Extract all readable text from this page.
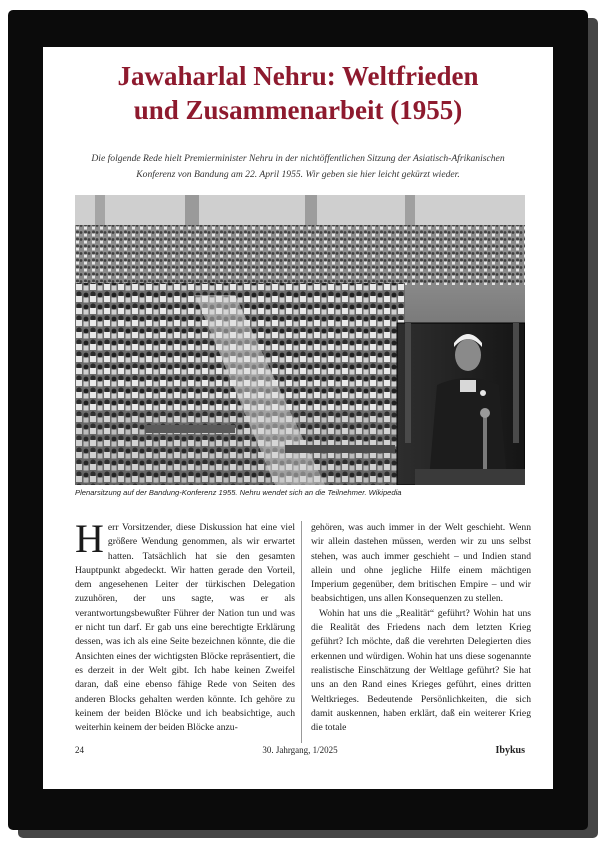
Jawaharlal Nehru: Weltfrieden
und Zusammenarbeit (1955)
Die folgende Rede hielt Premierminister Nehru in der nichtöffentlichen Sitzung der Asiatisch-Afrikanischen Konferenz von Bandung am 22. April 1955. Wir geben sie hier leicht gekürzt wieder.
Plenarsitzung auf der Bandung-Konferenz 1955. Nehru wendet sich an die Teilnehmer. Wikipedia

Herr Vorsitzender, diese Diskussion hat eine viel größere Wendung genommen, als wir erwartet hatten. Tatsächlich hat sie den gesamten Hauptpunkt abgedeckt. Wir hatten gerade den Vorteil, dem angesehenen Leiter der türkischen Delegation zuzuhören, der uns sagte, was er als verantwortungsbewußter Führer der Nation tun und was er nicht tun darf. Er gab uns eine berechtigte Erklärung dessen, was ich als eine Seite bezeichnen könnte, die die Ansichten eines der wichtigsten Blöcke repräsentiert, die es derzeit in der Welt gibt. Ich habe keinen Zweifel daran, daß eine ebenso fähige Rede von Seiten des anderen Blocks gehalten werden könnte. Ich gehöre zu keinem der beiden Blöcke und ich beabsichtige, auch weiterhin keinem der beiden Blöcke anzu-

gehören, was auch immer in der Welt geschieht. Wenn wir allein dastehen müssen, werden wir zu uns selbst stehen, was auch immer geschieht – und Indien stand allein und ohne jegliche Hilfe einem mächtigen Imperium gegenüber, dem britischen Empire – und wir beabsichtigen, uns allen Konsequenzen zu stellen.

Wohin hat uns die „Realität“ geführt? Wohin hat uns die Realität des Friedens nach dem letzten Krieg geführt? Ich möchte, daß die verehrten Delegierten dies erkennen und würdigen. Wohin hat uns diese sogenannte realistische Einschätzung der Weltlage geführt? Sie hat uns an den Rand eines Krieges geführt, eines dritten Weltkrieges. Bedeutende Persönlichkeiten, die sich damit auskennen, haben erklärt, daß ein weiterer Krieg die totale

24	30. Jahrgang, 1/2025	Ibykus
